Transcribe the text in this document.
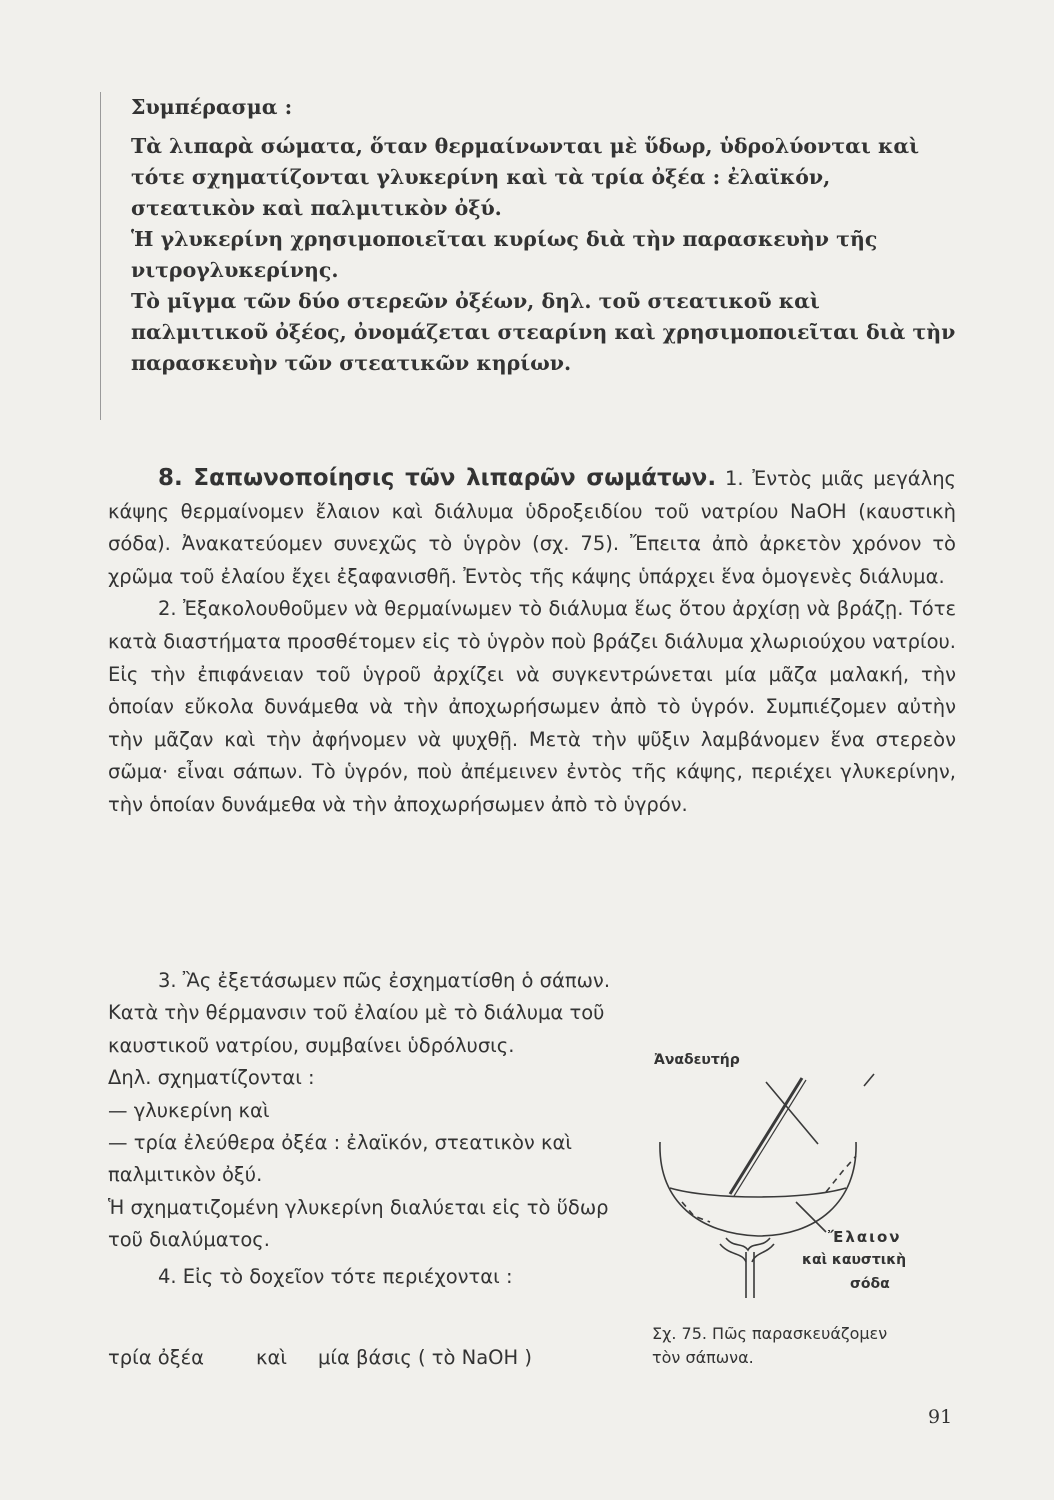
Συμπέρασμα :

Τὰ λιπαρὰ σώματα, ὅταν θερμαίνωνται μὲ ὕδωρ, ὑδρολύονται καὶ τότε σχηματίζονται γλυκερίνη καὶ τὰ τρία ὀξέα : ἐλαϊκόν, στεατικὸν καὶ παλμιτικὸν ὀξύ.

Ἡ γλυκερίνη χρησιμοποιεῖται κυρίως διὰ τὴν παρασκευὴν τῆς νιτρογλυκερίνης.

Τὸ μῖγμα τῶν δύο στερεῶν ὀξέων, δηλ. τοῦ στεατικοῦ καὶ παλμιτικοῦ ὀξέος, ὀνομάζεται στεαρίνη καὶ χρησιμοποιεῖται διὰ τὴν παρασκευὴν τῶν στεατικῶν κηρίων.

8. Σαπωνοποίησις τῶν λιπαρῶν σωμάτων. 1. Ἐντὸς μιᾶς μεγάλης κάψης θερμαίνομεν ἔλαιον καὶ διάλυμα ὑδροξειδίου τοῦ νατρίου NaOH (καυστικὴ σόδα). Ἀνακατεύομεν συνεχῶς τὸ ὑγρὸν (σχ. 75). Ἔπειτα ἀπὸ ἀρκετὸν χρόνον τὸ χρῶμα τοῦ ἐλαίου ἔχει ἐξαφανισθῆ. Ἐντὸς τῆς κάψης ὑπάρχει ἕνα ὁμογενὲς διάλυμα.

2. Ἐξακολουθοῦμεν νὰ θερμαίνωμεν τὸ διάλυμα ἕως ὅτου ἀρχίσῃ νὰ βράζῃ. Τότε κατὰ διαστήματα προσθέτομεν εἰς τὸ ὑγρὸν ποὺ βράζει διάλυμα χλωριούχου νατρίου. Εἰς τὴν ἐπιφάνειαν τοῦ ὑγροῦ ἀρχίζει νὰ συγκεντρώνεται μία μᾶζα μαλακή, τὴν ὁποίαν εὔκολα δυνάμεθα νὰ τὴν ἀποχωρήσωμεν ἀπὸ τὸ ὑγρόν. Συμπιέζομεν αὐτὴν τὴν μᾶζαν καὶ τὴν ἀφήνομεν νὰ ψυχθῇ. Μετὰ τὴν ψῦξιν λαμβάνομεν ἕνα στερεὸν σῶμα· εἶναι σάπων. Τὸ ὑγρόν, ποὺ ἀπέμεινεν ἐντὸς τῆς κάψης, περιέχει γλυκερίνην, τὴν ὁποίαν δυνάμεθα νὰ τὴν ἀποχωρήσωμεν ἀπὸ τὸ ὑγρόν.

3. Ἂς ἐξετάσωμεν πῶς ἐσχηματίσθη ὁ σάπων. Κατὰ τὴν θέρμανσιν τοῦ ἐλαίου μὲ τὸ διάλυμα τοῦ καυστικοῦ νατρίου, συμβαίνει ὑδρόλυσις.

Δηλ. σχηματίζονται :

— γλυκερίνη καὶ

— τρία ἐλεύθερα ὀξέα : ἐλαϊκόν, στεατικὸν καὶ παλμιτικὸν ὀξύ.

Ἡ σχηματιζομένη γλυκερίνη διαλύεται εἰς τὸ ὕδωρ τοῦ διαλύματος.

4. Εἰς τὸ δοχεῖον τότε περιέχονται :

τρία ὀξέα	καὶ	μία βάσις ( τὸ NaOH )
Ἀναδευτήρ
Ἔλαιον
καὶ καυστικὴ
σόδα

Σχ. 75. Πῶς παρασκευάζομεν

τὸν σάπωνα.

91
